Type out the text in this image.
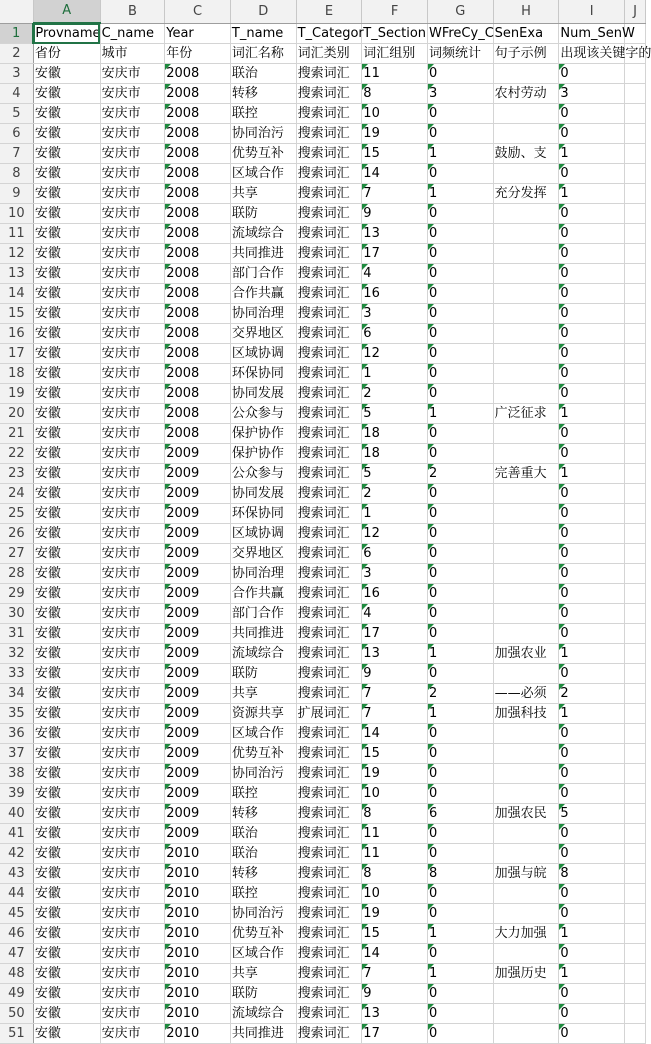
	A	B	C	D	E	F	G	H	I	J
1	Provname	C_name	Year	T_name	T_Categor	T_Section	WFreCy_C	SenExa	Num_SenW	
2	省份	城市	年份	词汇名称	词汇类别	词汇组别	词频统计	句子示例	出现该关键字的	
3	安徽	安庆市	2008	联治	搜索词汇	11	0		0	
4	安徽	安庆市	2008	转移	搜索词汇	8	3	农村劳动	3	
5	安徽	安庆市	2008	联控	搜索词汇	10	0		0	
6	安徽	安庆市	2008	协同治污	搜索词汇	19	0		0	
7	安徽	安庆市	2008	优势互补	搜索词汇	15	1	鼓励、支	1	
8	安徽	安庆市	2008	区域合作	搜索词汇	14	0		0	
9	安徽	安庆市	2008	共享	搜索词汇	7	1	充分发挥	1	
10	安徽	安庆市	2008	联防	搜索词汇	9	0		0	
11	安徽	安庆市	2008	流域综合	搜索词汇	13	0		0	
12	安徽	安庆市	2008	共同推进	搜索词汇	17	0		0	
13	安徽	安庆市	2008	部门合作	搜索词汇	4	0		0	
14	安徽	安庆市	2008	合作共赢	搜索词汇	16	0		0	
15	安徽	安庆市	2008	协同治理	搜索词汇	3	0		0	
16	安徽	安庆市	2008	交界地区	搜索词汇	6	0		0	
17	安徽	安庆市	2008	区域协调	搜索词汇	12	0		0	
18	安徽	安庆市	2008	环保协同	搜索词汇	1	0		0	
19	安徽	安庆市	2008	协同发展	搜索词汇	2	0		0	
20	安徽	安庆市	2008	公众参与	搜索词汇	5	1	广泛征求	1	
21	安徽	安庆市	2008	保护协作	搜索词汇	18	0		0	
22	安徽	安庆市	2009	保护协作	搜索词汇	18	0		0	
23	安徽	安庆市	2009	公众参与	搜索词汇	5	2	完善重大	1	
24	安徽	安庆市	2009	协同发展	搜索词汇	2	0		0	
25	安徽	安庆市	2009	环保协同	搜索词汇	1	0		0	
26	安徽	安庆市	2009	区域协调	搜索词汇	12	0		0	
27	安徽	安庆市	2009	交界地区	搜索词汇	6	0		0	
28	安徽	安庆市	2009	协同治理	搜索词汇	3	0		0	
29	安徽	安庆市	2009	合作共赢	搜索词汇	16	0		0	
30	安徽	安庆市	2009	部门合作	搜索词汇	4	0		0	
31	安徽	安庆市	2009	共同推进	搜索词汇	17	0		0	
32	安徽	安庆市	2009	流域综合	搜索词汇	13	1	加强农业	1	
33	安徽	安庆市	2009	联防	搜索词汇	9	0		0	
34	安徽	安庆市	2009	共享	搜索词汇	7	2	——必须	2	
35	安徽	安庆市	2009	资源共享	扩展词汇	7	1	加强科技	1	
36	安徽	安庆市	2009	区域合作	搜索词汇	14	0		0	
37	安徽	安庆市	2009	优势互补	搜索词汇	15	0		0	
38	安徽	安庆市	2009	协同治污	搜索词汇	19	0		0	
39	安徽	安庆市	2009	联控	搜索词汇	10	0		0	
40	安徽	安庆市	2009	转移	搜索词汇	8	6	加强农民	5	
41	安徽	安庆市	2009	联治	搜索词汇	11	0		0	
42	安徽	安庆市	2010	联治	搜索词汇	11	0		0	
43	安徽	安庆市	2010	转移	搜索词汇	8	8	加强与皖	8	
44	安徽	安庆市	2010	联控	搜索词汇	10	0		0	
45	安徽	安庆市	2010	协同治污	搜索词汇	19	0		0	
46	安徽	安庆市	2010	优势互补	搜索词汇	15	1	大力加强	1	
47	安徽	安庆市	2010	区域合作	搜索词汇	14	0		0	
48	安徽	安庆市	2010	共享	搜索词汇	7	1	加强历史	1	
49	安徽	安庆市	2010	联防	搜索词汇	9	0		0	
50	安徽	安庆市	2010	流域综合	搜索词汇	13	0		0	
51	安徽	安庆市	2010	共同推进	搜索词汇	17	0		0	
